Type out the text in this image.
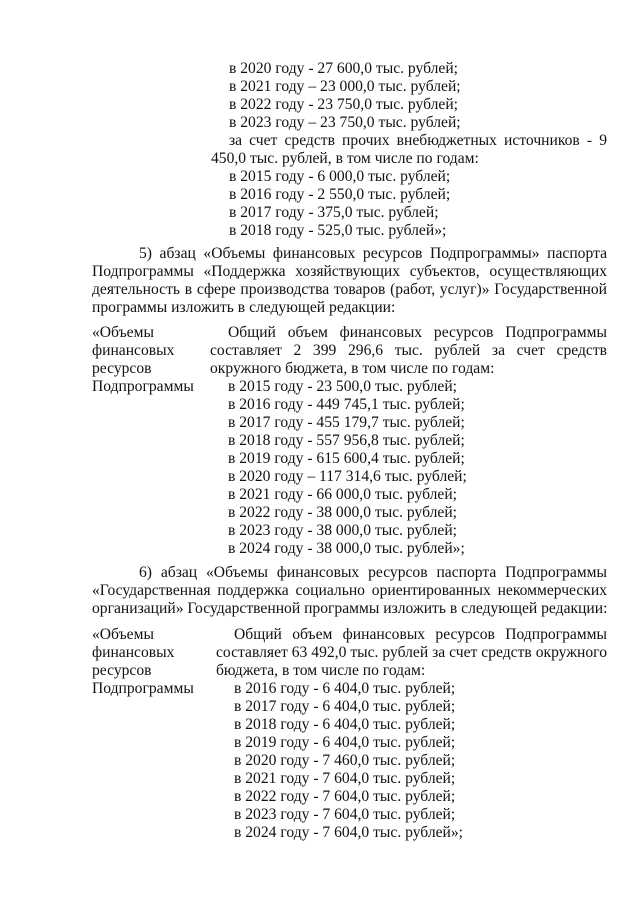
в 2020 году - 27 600,0 тыс. рублей;
в 2021 году – 23 000,0 тыс. рублей;
в 2022 году - 23 750,0 тыс. рублей;
в 2023 году – 23 750,0 тыс. рублей;
за счет средств прочих внебюджетных источников - 9
450,0 тыс. рублей, в том числе по годам:
в 2015 году - 6 000,0 тыс. рублей;
в 2016 году - 2 550,0 тыс. рублей;
в 2017 году - 375,0 тыс. рублей;
в 2018 году - 525,0 тыс. рублей»;
5) абзац «Объемы финансовых ресурсов Подпрограммы» паспорта
Подпрограммы «Поддержка хозяйствующих субъектов, осуществляющих
деятельность в сфере производства товаров (работ, услуг)» Государственной
программы изложить в следующей редакции:
«Объемы
финансовых
ресурсов
Подпрограммы
Общий объем финансовых ресурсов Подпрограммы
составляет 2 399 296,6 тыс. рублей за счет средств
окружного бюджета, в том числе по годам:
в 2015 году - 23 500,0 тыс. рублей;
в 2016 году - 449 745,1 тыс. рублей;
в 2017 году - 455 179,7 тыс. рублей;
в 2018 году - 557 956,8 тыс. рублей;
в 2019 году - 615 600,4 тыс. рублей;
в 2020 году – 117 314,6 тыс. рублей;
в 2021 году - 66 000,0 тыс. рублей;
в 2022 году - 38 000,0 тыс. рублей;
в 2023 году - 38 000,0 тыс. рублей;
в 2024 году - 38 000,0 тыс. рублей»;
6) абзац «Объемы финансовых ресурсов паспорта Подпрограммы
«Государственная поддержка социально ориентированных некоммерческих
организаций» Государственной программы изложить в следующей редакции:
«Объемы
финансовых
ресурсов
Подпрограммы
Общий объем финансовых ресурсов Подпрограммы
составляет 63 492,0 тыс. рублей за счет средств окружного
бюджета, в том числе по годам:
в 2016 году - 6 404,0 тыс. рублей;
в 2017 году - 6 404,0 тыс. рублей;
в 2018 году - 6 404,0 тыс. рублей;
в 2019 году - 6 404,0 тыс. рублей;
в 2020 году - 7 460,0 тыс. рублей;
в 2021 году - 7 604,0 тыс. рублей;
в 2022 году - 7 604,0 тыс. рублей;
в 2023 году - 7 604,0 тыс. рублей;
в 2024 году - 7 604,0 тыс. рублей»;
